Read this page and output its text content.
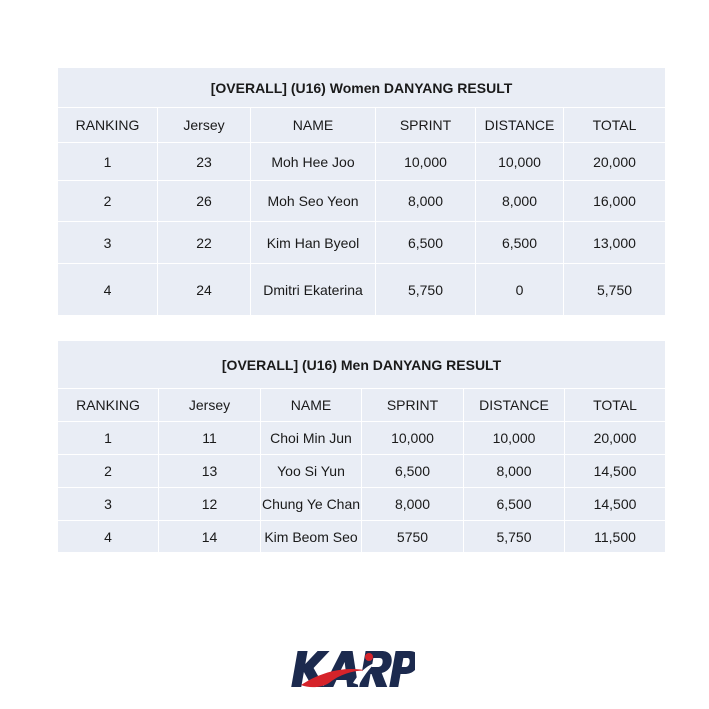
[OVERALL] (U16) Women DANYANG RESULT					
RANKING	Jersey	NAME	SPRINT	DISTANCE	TOTAL
1	23	Moh Hee Joo	10,000	10,000	20,000
2	26	Moh Seo Yeon	8,000	8,000	16,000
3	22	Kim Han Byeol	6,500	6,500	13,000
4	24	Dmitri Ekaterina	5,750	0	5,750
[OVERALL] (U16) Men DANYANG RESULT					
RANKING	Jersey	NAME	SPRINT	DISTANCE	TOTAL
1	11	Choi Min Jun	10,000	10,000	20,000
2	13	Yoo Si Yun	6,500	8,000	14,500
3	12	Chung Ye Chan	8,000	6,500	14,500
4	14	Kim Beom Seo	5750	5,750	11,500
